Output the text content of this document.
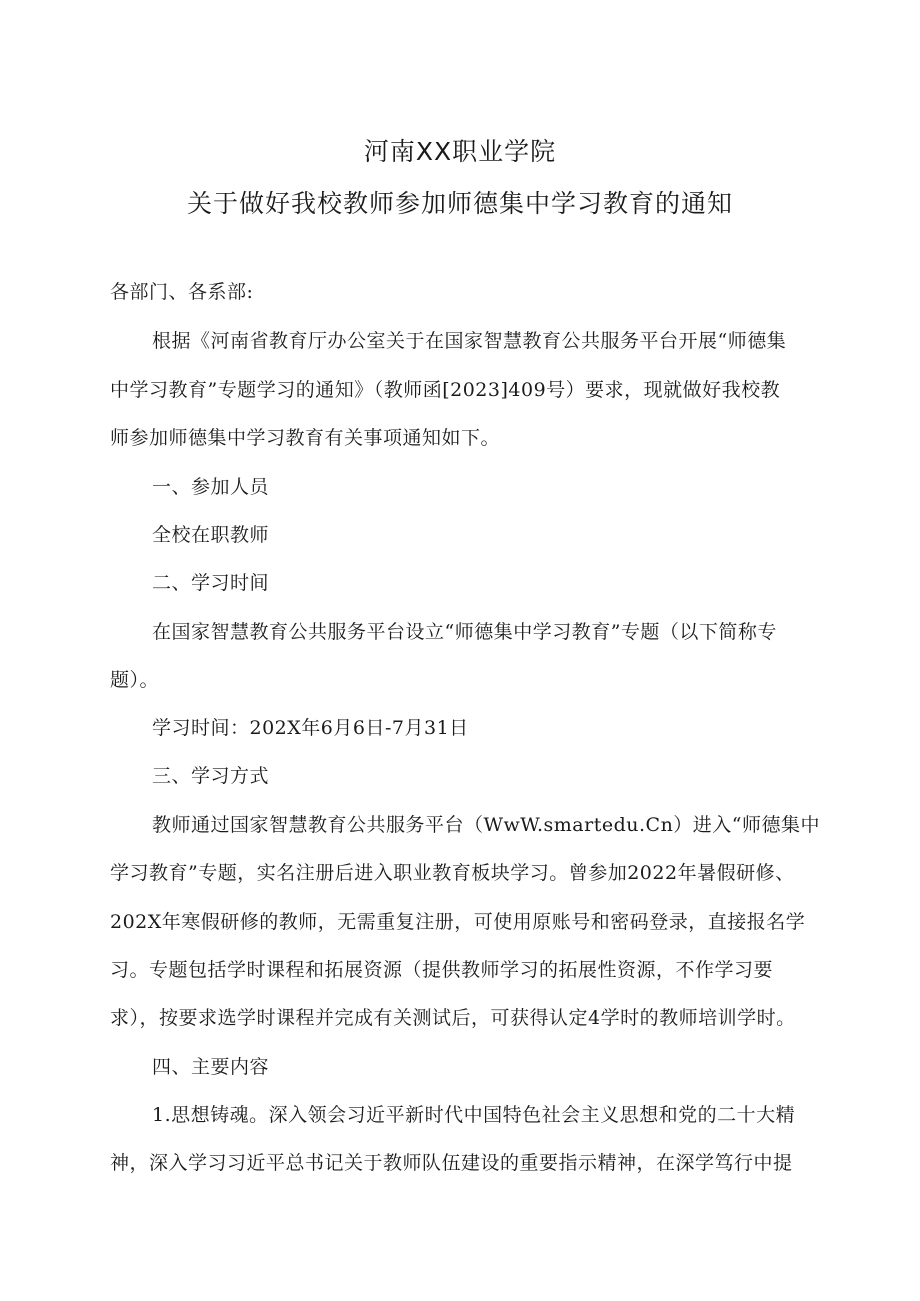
河南XX职业学院
关于做好我校教师参加师德集中学习教育的通知
各部门、各系部:
根据《河南省教育厅办公室关于在国家智慧教育公共服务平台开展“师德集
中学习教育”专题学习的通知》（教师函[2023]409号）要求，现就做好我校教
师参加师德集中学习教育有关事项通知如下。
一、参加人员
全校在职教师
二、学习时间
在国家智慧教育公共服务平台设立“师德集中学习教育”专题（以下简称专
题）。
学习时间：202X年6月6日-7月31日
三、学习方式
教师通过国家智慧教育公共服务平台（WwW.smartedu.Cn）进入“师德集中
学习教育”专题，实名注册后进入职业教育板块学习。曾参加2022年暑假研修、
202X年寒假研修的教师，无需重复注册，可使用原账号和密码登录，直接报名学
习。专题包括学时课程和拓展资源（提供教师学习的拓展性资源，不作学习要
求），按要求选学时课程并完成有关测试后，可获得认定4学时的教师培训学时。
四、主要内容
1.思想铸魂。深入领会习近平新时代中国特色社会主义思想和党的二十大精
神，深入学习习近平总书记关于教师队伍建设的重要指示精神，在深学笃行中提
